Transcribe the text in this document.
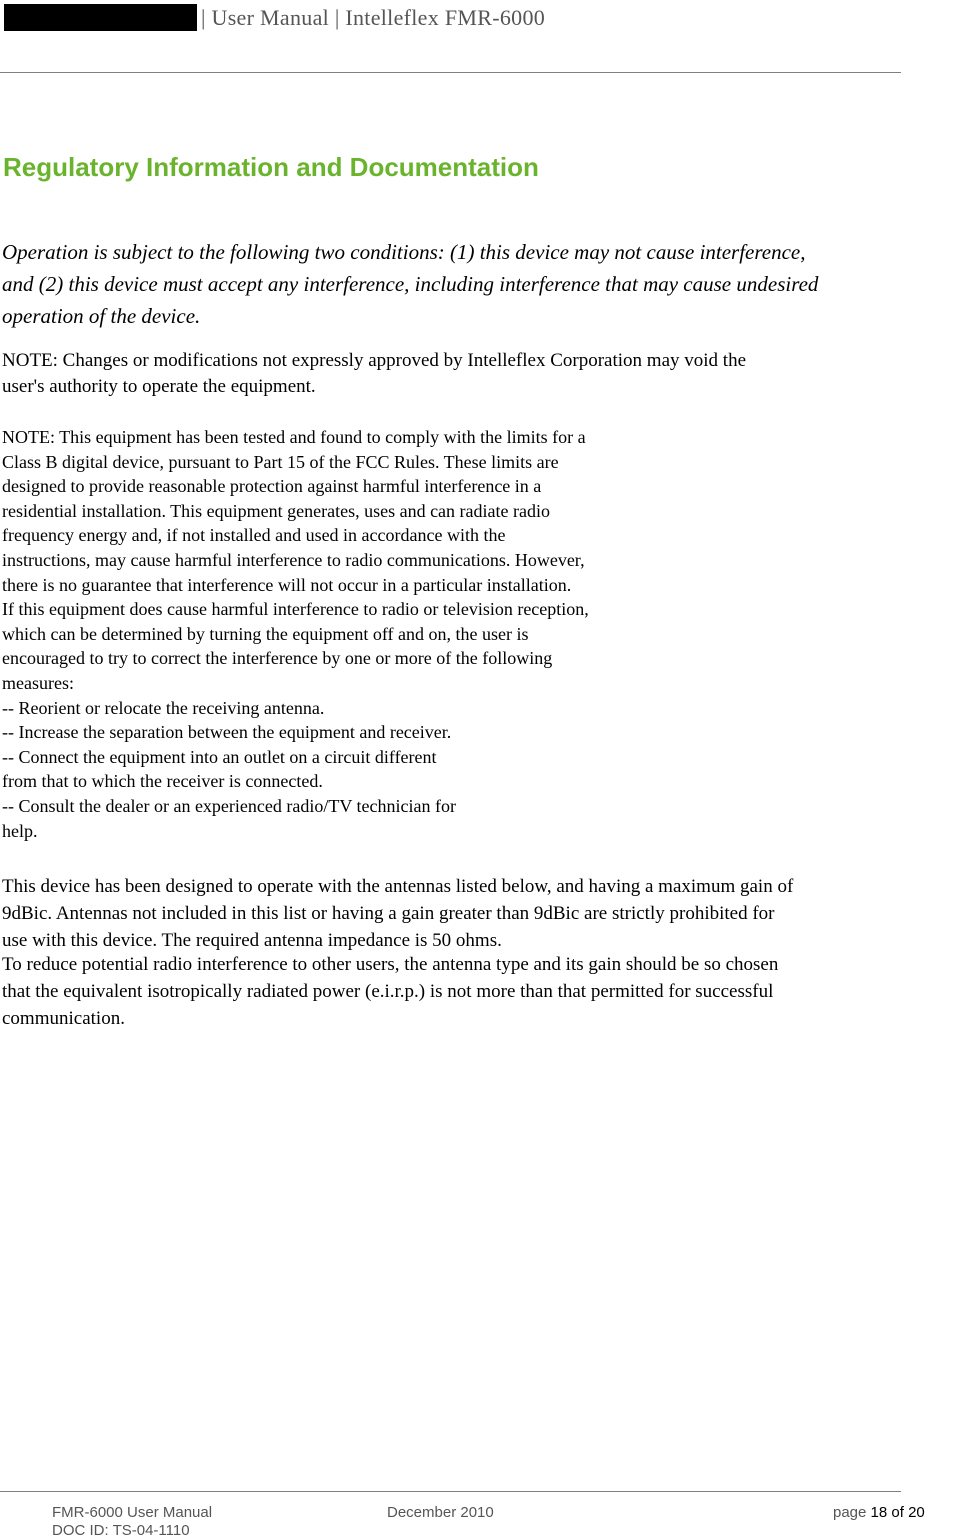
| User Manual | Intelleflex FMR-6000
Regulatory Information and Documentation
Operation is subject to the following two conditions: (1) this device may not cause interference,
and (2) this device must accept any interference, including interference that may cause undesired
operation of the device.
NOTE: Changes or modifications not expressly approved by Intelleflex Corporation may void the
user's authority to operate the equipment.
NOTE: This equipment has been tested and found to comply with the limits for a
Class B digital device, pursuant to Part 15 of the FCC Rules. These limits are
designed to provide reasonable protection against harmful interference in a
residential installation. This equipment generates, uses and can radiate radio
frequency energy and, if not installed and used in accordance with the
instructions, may cause harmful interference to radio communications. However,
there is no guarantee that interference will not occur in a particular installation.
If this equipment does cause harmful interference to radio or television reception,
which can be determined by turning the equipment off and on, the user is
encouraged to try to correct the interference by one or more of the following
measures:
-- Reorient or relocate the receiving antenna.
-- Increase the separation between the equipment and receiver.
-- Connect the equipment into an outlet on a circuit different
from that to which the receiver is connected.
-- Consult the dealer or an experienced radio/TV technician for
help.
This device has been designed to operate with the antennas listed below, and having a maximum gain of
9dBic. Antennas not included in this list or having a gain greater than 9dBic are strictly prohibited for
use with this device. The required antenna impedance is 50 ohms.
To reduce potential radio interference to other users, the antenna type and its gain should be so chosen
that the equivalent isotropically radiated power (e.i.r.p.) is not more than that permitted for successful
communication.
FMR-6000 User Manual
DOC ID: TS-04-1110
December 2010	page 18 of 20
